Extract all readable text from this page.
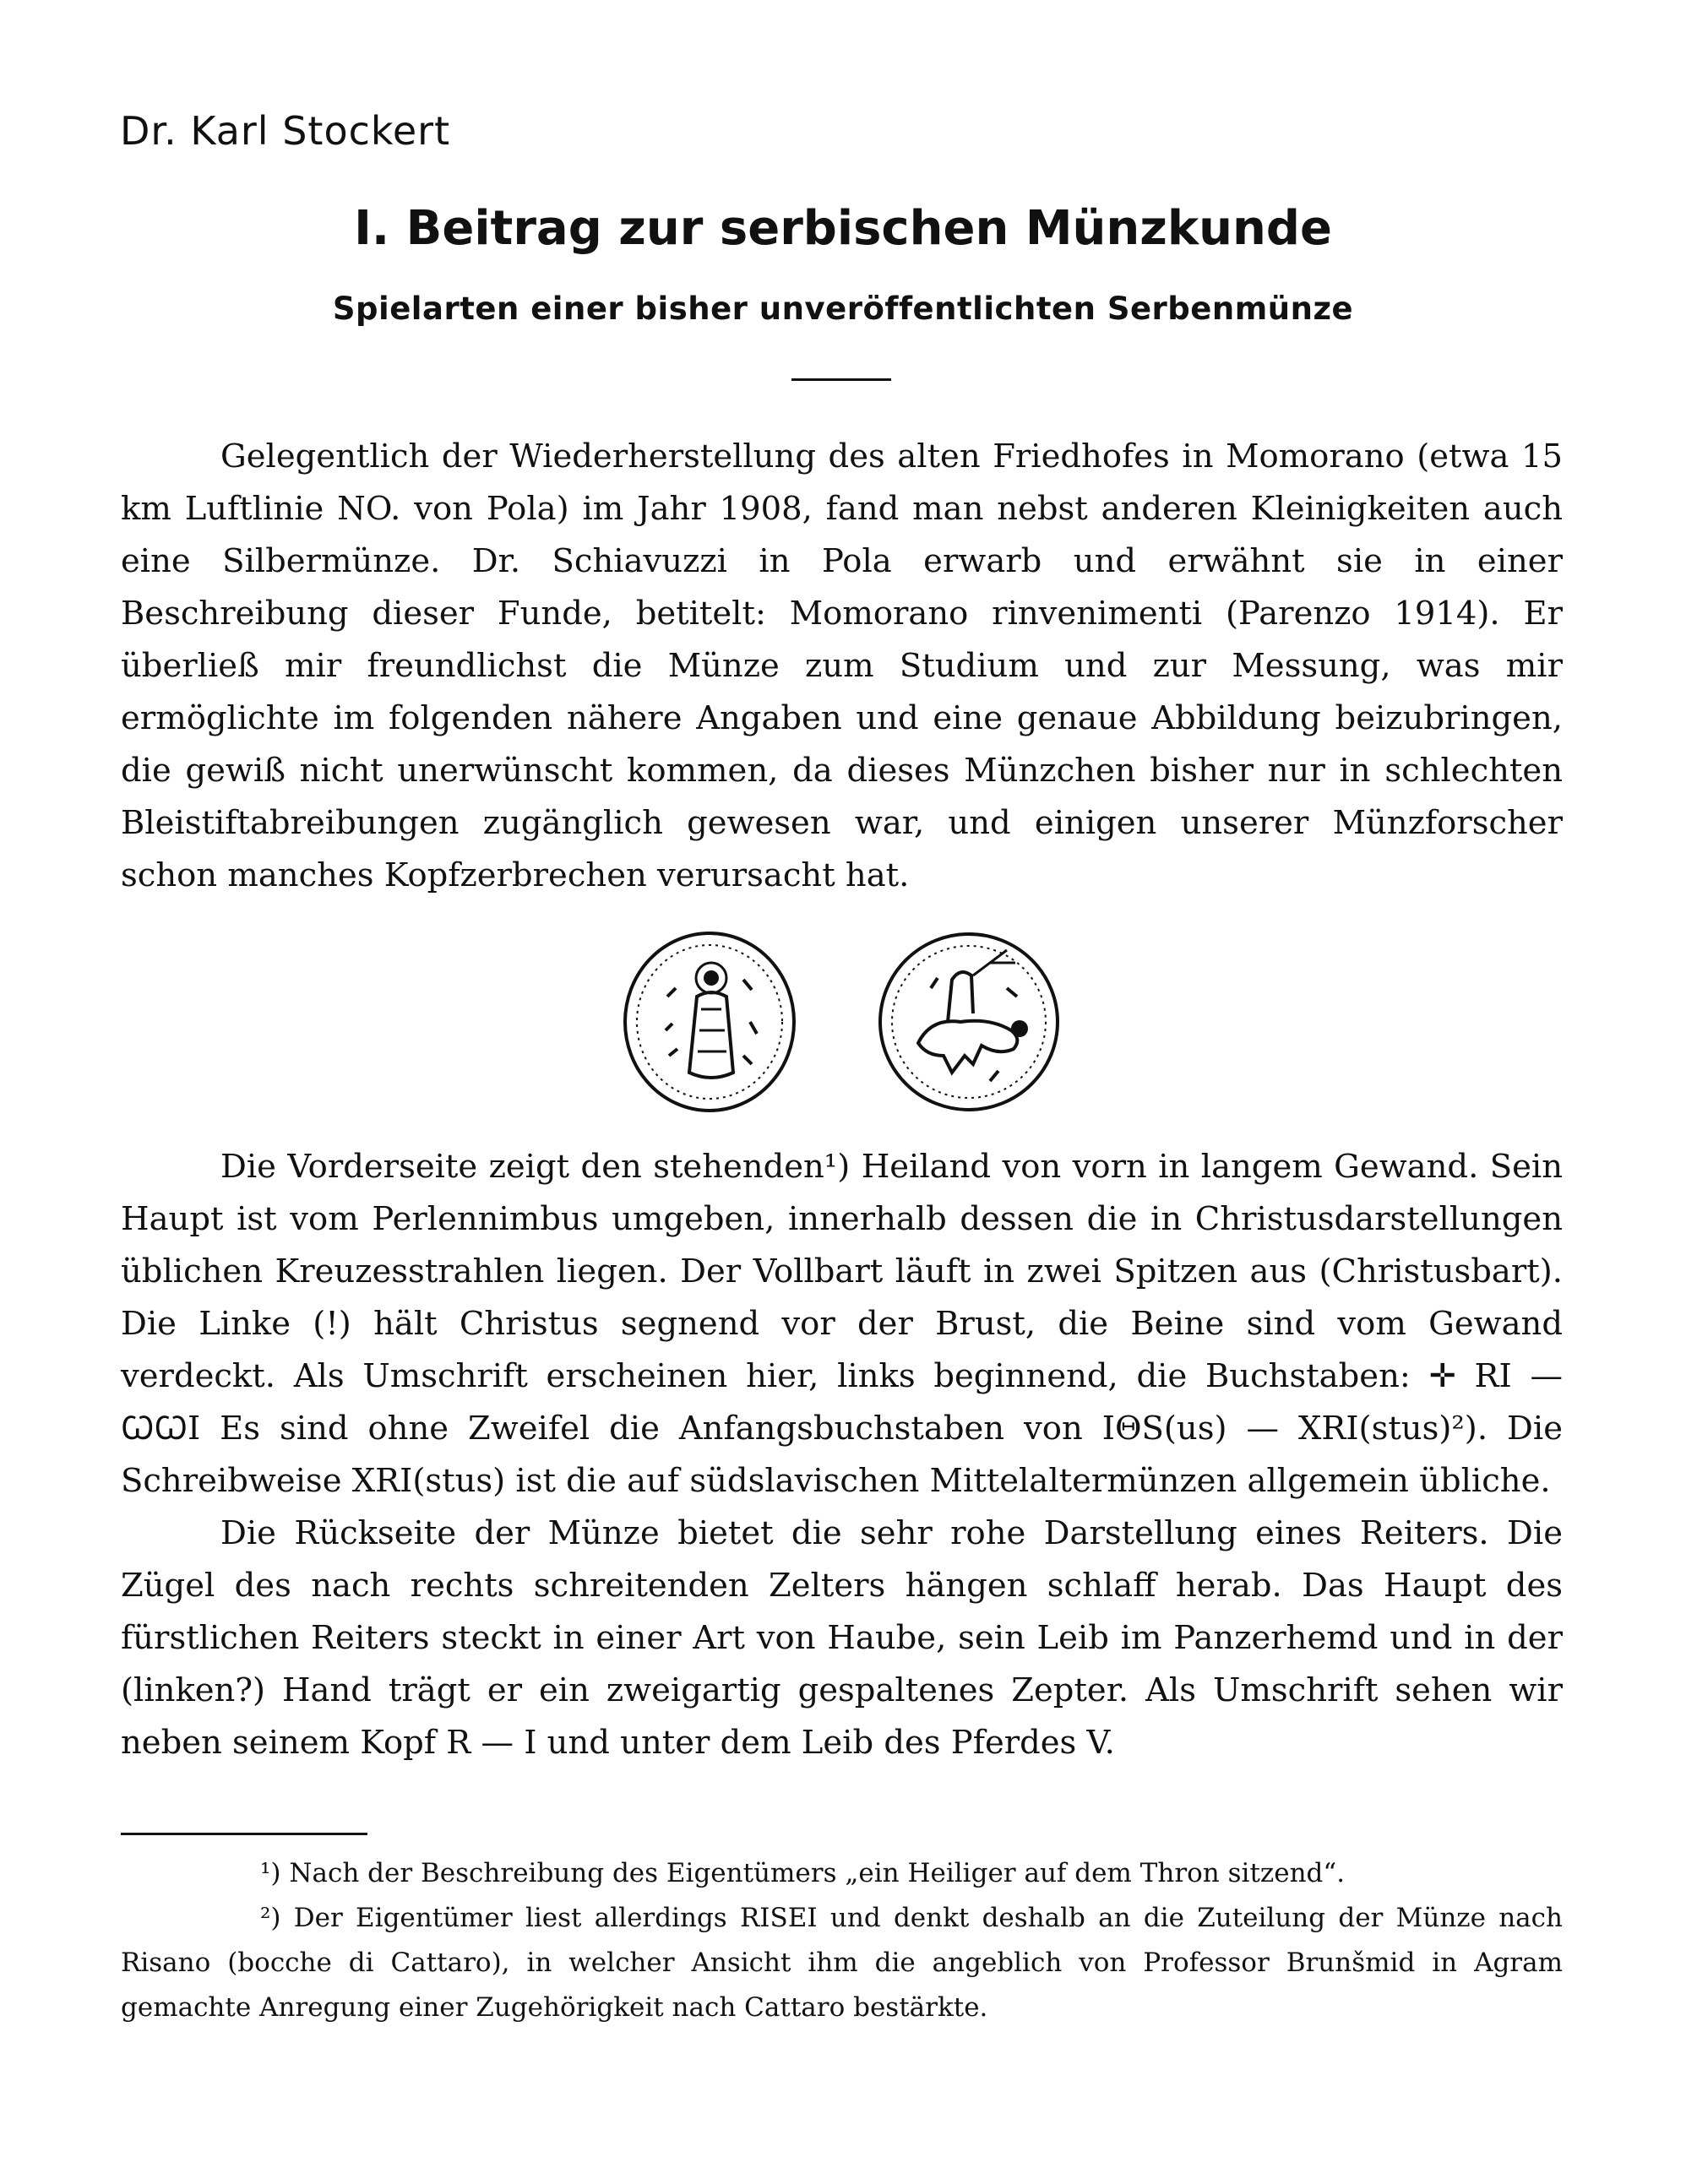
Dr. Karl Stockert
I. Beitrag zur serbischen Münzkunde
Spielarten einer bisher unveröffentlichten Serbenmünze

Gelegentlich der Wiederherstellung des alten Friedhofes in Momorano (etwa 15 km Luftlinie NO. von Pola) im Jahr 1908, fand man nebst anderen Kleinigkeiten auch eine Silbermünze. Dr. Schiavuzzi in Pola erwarb und erwähnt sie in einer Beschreibung dieser Funde, betitelt: Momorano rinvenimenti (Parenzo 1914). Er überließ mir freundlichst die Münze zum Studium und zur Messung, was mir ermöglichte im folgenden nähere Angaben und eine genaue Abbildung beizubringen, die gewiß nicht unerwünscht kommen, da dieses Münzchen bisher nur in schlechten Bleistiftabreibungen zugänglich gewesen war, und einigen unserer Münzforscher schon manches Kopfzerbrechen verursacht hat.

Die Vorderseite zeigt den stehenden¹) Heiland von vorn in langem Gewand. Sein Haupt ist vom Perlennimbus umgeben, innerhalb dessen die in Christusdarstellungen üblichen Kreuzesstrahlen liegen. Der Vollbart läuft in zwei Spitzen aus (Christusbart). Die Linke (!) hält Christus segnend vor der Brust, die Beine sind vom Gewand verdeckt. Als Umschrift erscheinen hier, links beginnend, die Buchstaben: ✛ RI — ꞶꞶI Es sind ohne Zweifel die Anfangsbuchstaben von IΘS(us) — XRI(stus)²). Die Schreibweise XRI(stus) ist die auf südslavischen Mittelaltermünzen allgemein übliche.

Die Rückseite der Münze bietet die sehr rohe Darstellung eines Reiters. Die Zügel des nach rechts schreitenden Zelters hängen schlaff herab. Das Haupt des fürstlichen Reiters steckt in einer Art von Haube, sein Leib im Panzerhemd und in der (linken?) Hand trägt er ein zweigartig gespaltenes Zepter. Als Umschrift sehen wir neben seinem Kopf R — I und unter dem Leib des Pferdes V.

¹) Nach der Beschreibung des Eigentümers „ein Heiliger auf dem Thron sitzend“.

²) Der Eigentümer liest allerdings RISEI und denkt deshalb an die Zuteilung der Münze nach Risano (bocche di Cattaro), in welcher Ansicht ihm die angeblich von Professor Brunšmid in Agram gemachte Anregung einer Zugehörigkeit nach Cattaro bestärkte.
